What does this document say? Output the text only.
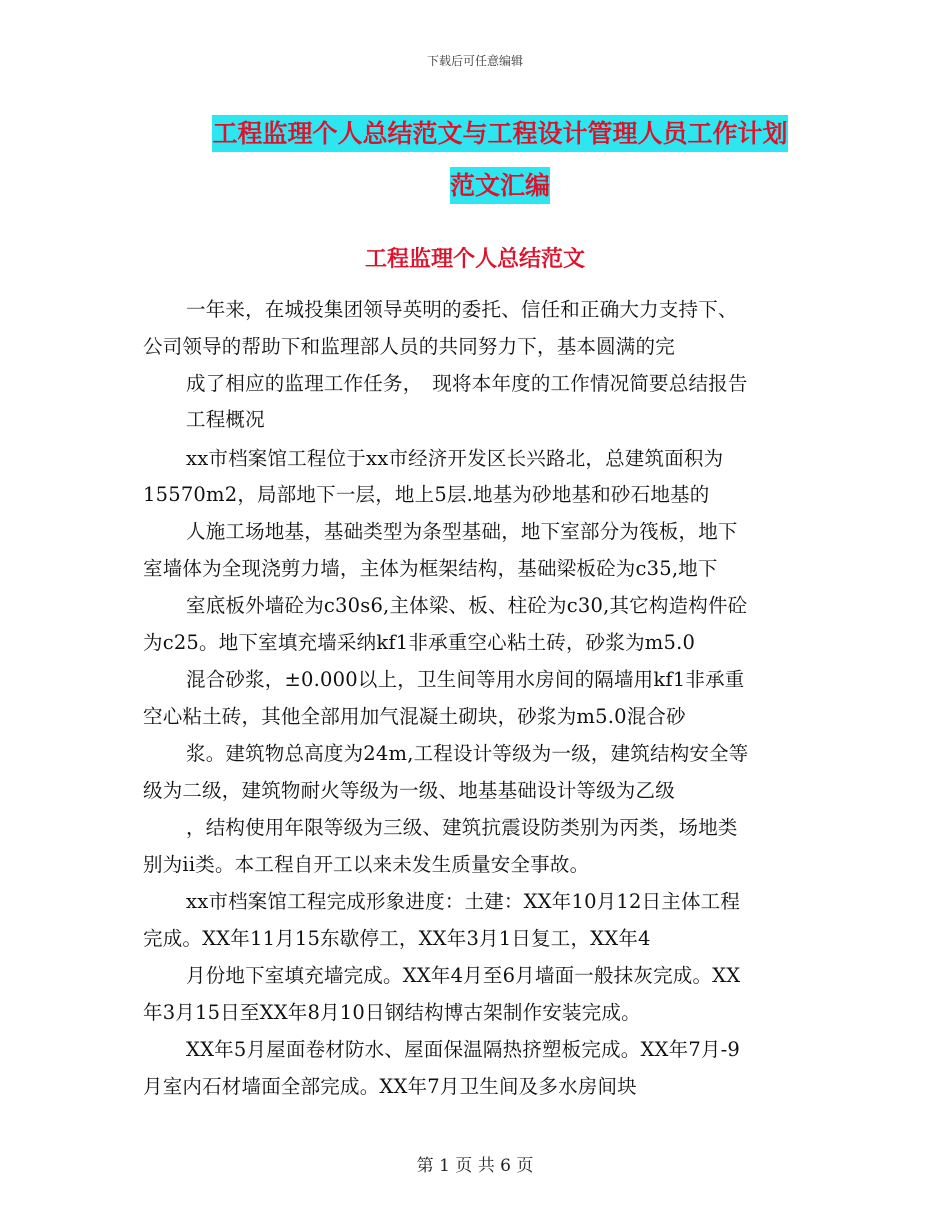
下载后可任意编辑
工程监理个人总结范文与工程设计管理人员工作计划
范文汇编
工程监理个人总结范文
一年来，在城投集团领导英明的委托、信任和正确大力支持下、
公司领导的帮助下和监理部人员的共同努力下，基本圆满的完
成了相应的监理工作任务，　现将本年度的工作情况简要总结报告
工程概况
xx市档案馆工程位于xx市经济开发区长兴路北，总建筑面积为
15570m2，局部地下一层，地上5层.地基为砂地基和砂石地基的
人施工场地基，基础类型为条型基础，地下室部分为筏板，地下
室墙体为全现浇剪力墙，主体为框架结构，基础梁板砼为c35,地下
室底板外墙砼为c30s6,主体梁、板、柱砼为c30,其它构造构件砼
为c25。地下室填充墙采纳kf1非承重空心粘土砖，砂浆为m5.0
混合砂浆，±0.000以上，卫生间等用水房间的隔墙用kf1非承重
空心粘土砖，其他全部用加气混凝土砌块，砂浆为m5.0混合砂
浆。建筑物总高度为24m,工程设计等级为一级，建筑结构安全等
级为二级，建筑物耐火等级为一级、地基基础设计等级为乙级
，结构使用年限等级为三级、建筑抗震设防类别为丙类，场地类
别为ii类。本工程自开工以来未发生质量安全事故。
xx市档案馆工程完成形象进度：土建：XX年10月12日主体工程
完成。XX年11月15东歇停工，XX年3月1日复工，XX年4
月份地下室填充墙完成。XX年4月至6月墙面一般抹灰完成。XX
年3月15日至XX年8月10日钢结构博古架制作安装完成。
XX年5月屋面卷材防水、屋面保温隔热挤塑板完成。XX年7月-9
月室内石材墙面全部完成。XX年7月卫生间及多水房间块
第 1 页 共 6 页
